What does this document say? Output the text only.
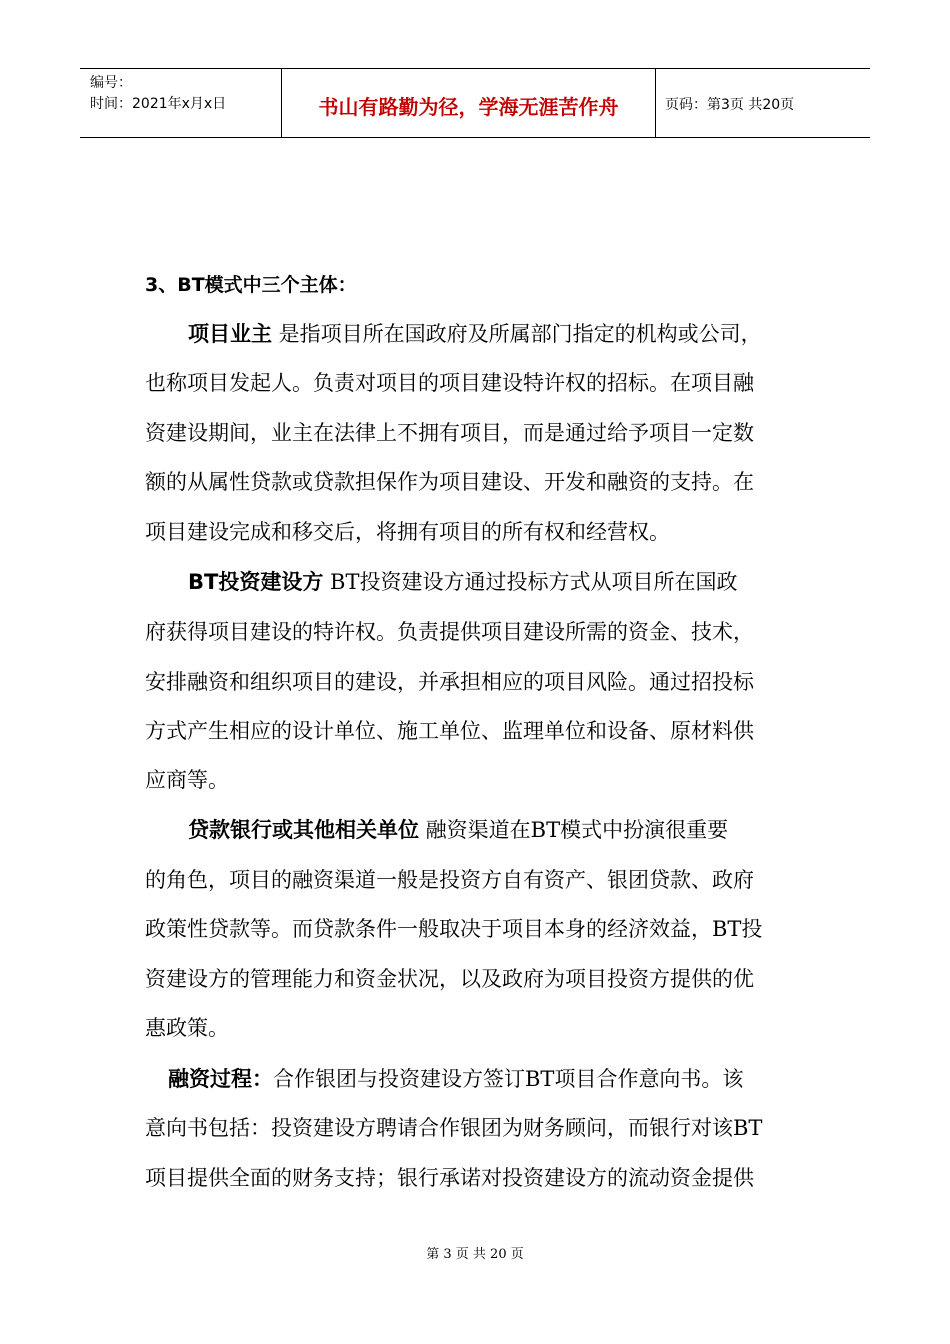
编号：
时间：2021年x月x日	书山有路勤为径，学海无涯苦作舟	页码：第3页 共20页
3、BT模式中三个主体：
项目业主 是指项目所在国政府及所属部门指定的机构或公司，
也称项目发起人。负责对项目的项目建设特许权的招标。在项目融
资建设期间，业主在法律上不拥有项目，而是通过给予项目一定数
额的从属性贷款或贷款担保作为项目建设、开发和融资的支持。在
项目建设完成和移交后，将拥有项目的所有权和经营权。
BT投资建设方 BT投资建设方通过投标方式从项目所在国政
府获得项目建设的特许权。负责提供项目建设所需的资金、技术，
安排融资和组织项目的建设，并承担相应的项目风险。通过招投标
方式产生相应的设计单位、施工单位、监理单位和设备、原材料供
应商等。
贷款银行或其他相关单位 融资渠道在BT模式中扮演很重要
的角色，项目的融资渠道一般是投资方自有资产、银团贷款、政府
政策性贷款等。而贷款条件一般取决于项目本身的经济效益，BT投
资建设方的管理能力和资金状况，以及政府为项目投资方提供的优
惠政策。
融资过程：合作银团与投资建设方签订BT项目合作意向书。该
意向书包括：投资建设方聘请合作银团为财务顾问，而银行对该BT
项目提供全面的财务支持；银行承诺对投资建设方的流动资金提供
第 3 页 共 20 页
